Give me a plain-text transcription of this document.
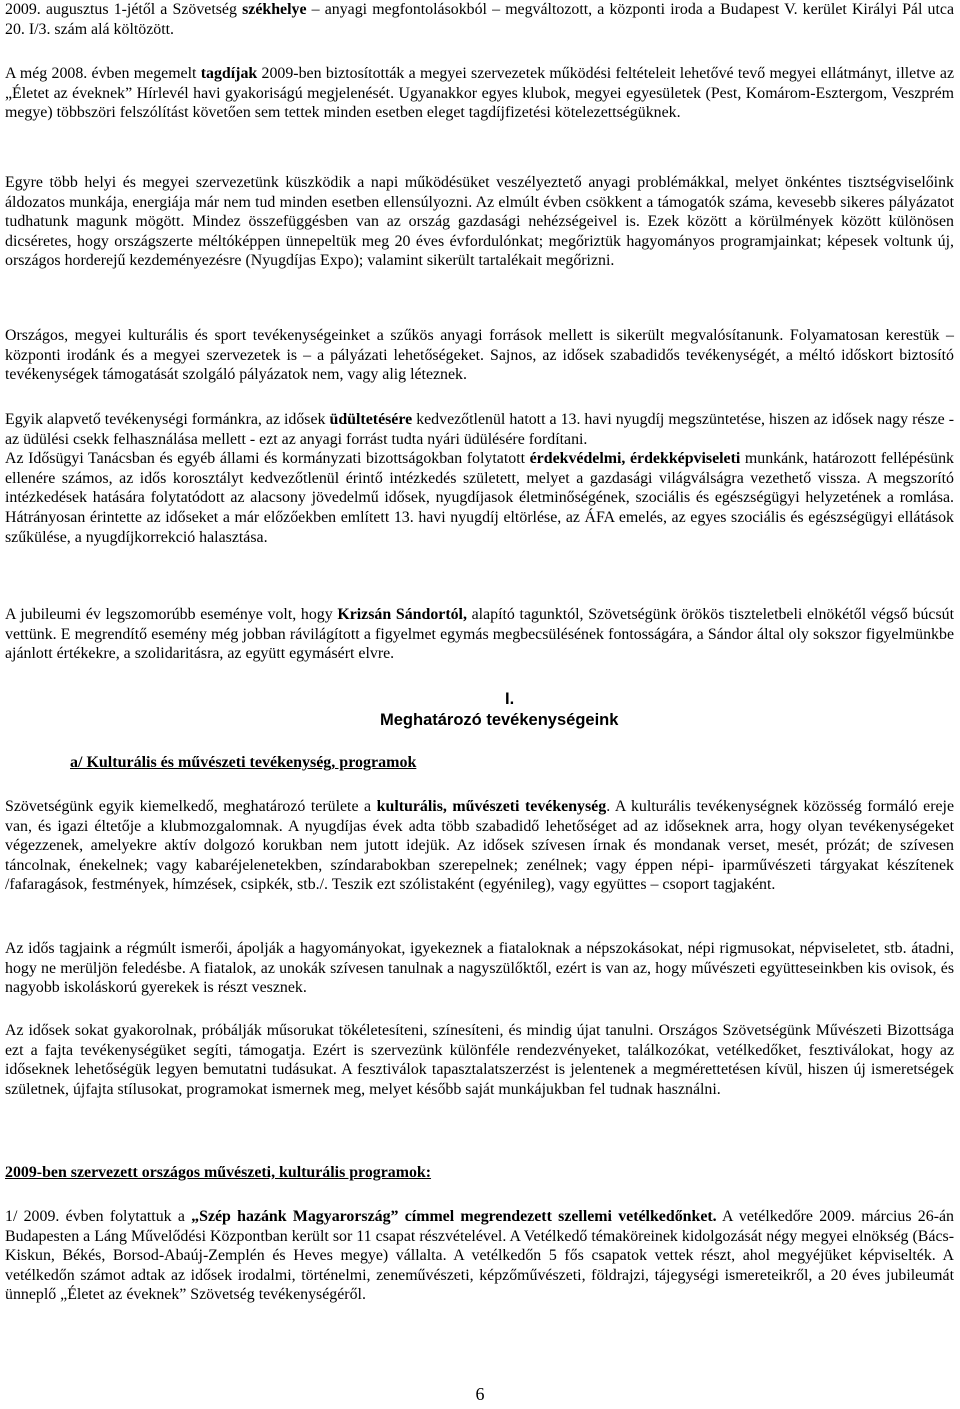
2009. augusztus 1-jétől a Szövetség székhelye – anyagi megfontolásokból – megváltozott, a központi iroda a Budapest V. kerület Királyi Pál utca 20. I/3. szám alá költözött.

A még 2008. évben megemelt tagdíjak 2009-ben biztosították a megyei szervezetek működési feltételeit lehetővé tevő megyei ellátmányt, illetve az „Életet az éveknek” Hírlevél havi gyakoriságú megjelenését. Ugyanakkor egyes klubok, megyei egyesületek (Pest, Komárom-Esztergom, Veszprém megye) többszöri felszólítást követően sem tettek minden esetben eleget tagdíjfizetési kötelezettségüknek.

Egyre több helyi és megyei szervezetünk küszködik a napi működésüket veszélyeztető anyagi problémákkal, melyet önkéntes tisztségviselőink áldozatos munkája, energiája már nem tud minden esetben ellensúlyozni. Az elmúlt évben csökkent a támogatók száma, kevesebb sikeres pályázatot tudhatunk magunk mögött. Mindez összefüggésben van az ország gazdasági nehézségeivel is. Ezek között a körülmények között különösen dicséretes, hogy országszerte méltóképpen ünnepeltük meg 20 éves évfordulónkat; megőriztük hagyományos programjainkat; képesek voltunk új, országos horderejű kezdeményezésre (Nyugdíjas Expo); valamint sikerült tartalékait megőrizni.

Országos, megyei kulturális és sport tevékenységeinket a szűkös anyagi források mellett is sikerült megvalósítanunk. Folyamatosan kerestük – központi irodánk és a megyei szervezetek is – a pályázati lehetőségeket. Sajnos, az idősek szabadidős tevékenységét, a méltó időskort biztosító tevékenységek támogatását szolgáló pályázatok nem, vagy alig léteznek.

Egyik alapvető tevékenységi formánkra, az idősek üdültetésére kedvezőtlenül hatott a 13. havi nyugdíj megszüntetése, hiszen az idősek nagy része - az üdülési csekk felhasználása mellett - ezt az anyagi forrást tudta nyári üdülésére fordítani.
Az Idősügyi Tanácsban és egyéb állami és kormányzati bizottságokban folytatott érdekvédelmi, érdekképviseleti munkánk, határozott fellépésünk ellenére számos, az idős korosztályt kedvezőtlenül érintő intézkedés született, melyet a gazdasági világválságra vezethető vissza. A megszorító intézkedések hatására folytatódott az alacsony jövedelmű idősek, nyugdíjasok életminőségének, szociális és egészségügyi helyzetének a romlása. Hátrányosan érintette az időseket a már előzőekben említett 13. havi nyugdíj eltörlése, az ÁFA emelés, az egyes szociális és egészségügyi ellátások szűkülése, a nyugdíjkorrekció halasztása.

A jubileumi év legszomorúbb eseménye volt, hogy Krizsán Sándortól, alapító tagunktól, Szövetségünk örökös tiszteletbeli elnökétől végső búcsút vettünk. E megrendítő esemény még jobban rávilágított a figyelmet egymás megbecsülésének fontosságára, a Sándor által oly sokszor figyelmünkbe ajánlott értékekre, a szolidaritásra, az együtt egymásért elvre.

I.
Meghatározó tevékenységeink
a/ Kulturális és művészeti tevékenység, programok

Szövetségünk egyik kiemelkedő, meghatározó területe a kulturális, művészeti tevékenység. A kulturális tevékenységnek közösség formáló ereje van, és igazi éltetője a klubmozgalomnak. A nyugdíjas évek adta több szabadidő lehetőséget ad az időseknek arra, hogy olyan tevékenységeket végezzenek, amelyekre aktív dolgozó korukban nem jutott idejük. Az idősek szívesen írnak és mondanak verset, mesét, prózát; de szívesen táncolnak, énekelnek; vagy kabaréjelenetekben, színdarabokban szerepelnek; zenélnek; vagy éppen népi- iparművészeti tárgyakat készítenek /fafaragások, festmények, hímzések, csipkék, stb./. Teszik ezt szólistaként (egyénileg), vagy együttes – csoport tagjaként.

Az idős tagjaink a régmúlt ismerői, ápolják a hagyományokat, igyekeznek a fiataloknak a népszokásokat, népi rigmusokat, népviseletet, stb. átadni, hogy ne merüljön feledésbe. A fiatalok, az unokák szívesen tanulnak a nagyszülőktől, ezért is van az, hogy művészeti együtteseinkben kis ovisok, és nagyobb iskoláskorú gyerekek is részt vesznek.

Az idősek sokat gyakorolnak, próbálják műsorukat tökéletesíteni, színesíteni, és mindig újat tanulni. Országos Szövetségünk Művészeti Bizottsága ezt a fajta tevékenységüket segíti, támogatja. Ezért is szervezünk különféle rendezvényeket, találkozókat, vetélkedőket, fesztiválokat, hogy az időseknek lehetőségük legyen bemutatni tudásukat. A fesztiválok tapasztalatszerzést is jelentenek a megmérettetésen kívül, hiszen új ismeretségek születnek, újfajta stílusokat, programokat ismernek meg, melyet később saját munkájukban fel tudnak használni.

2009-ben szervezett országos művészeti, kulturális programok:

1/ 2009. évben folytattuk a „Szép hazánk Magyarország” címmel megrendezett szellemi vetélkedőnket. A vetélkedőre 2009. március 26-án Budapesten a Láng Művelődési Központban került sor 11 csapat részvételével. A Vetélkedő témaköreinek kidolgozását négy megyei elnökség (Bács-Kiskun, Békés, Borsod-Abaúj-Zemplén és Heves megye) vállalta. A vetélkedőn 5 fős csapatok vettek részt, ahol megyéjüket képviselték. A vetélkedőn számot adtak az idősek irodalmi, történelmi, zeneművészeti, képzőművészeti, földrajzi, tájegységi ismereteikről, a 20 éves jubileumát ünneplő „Életet az éveknek” Szövetség tevékenységéről.

6
